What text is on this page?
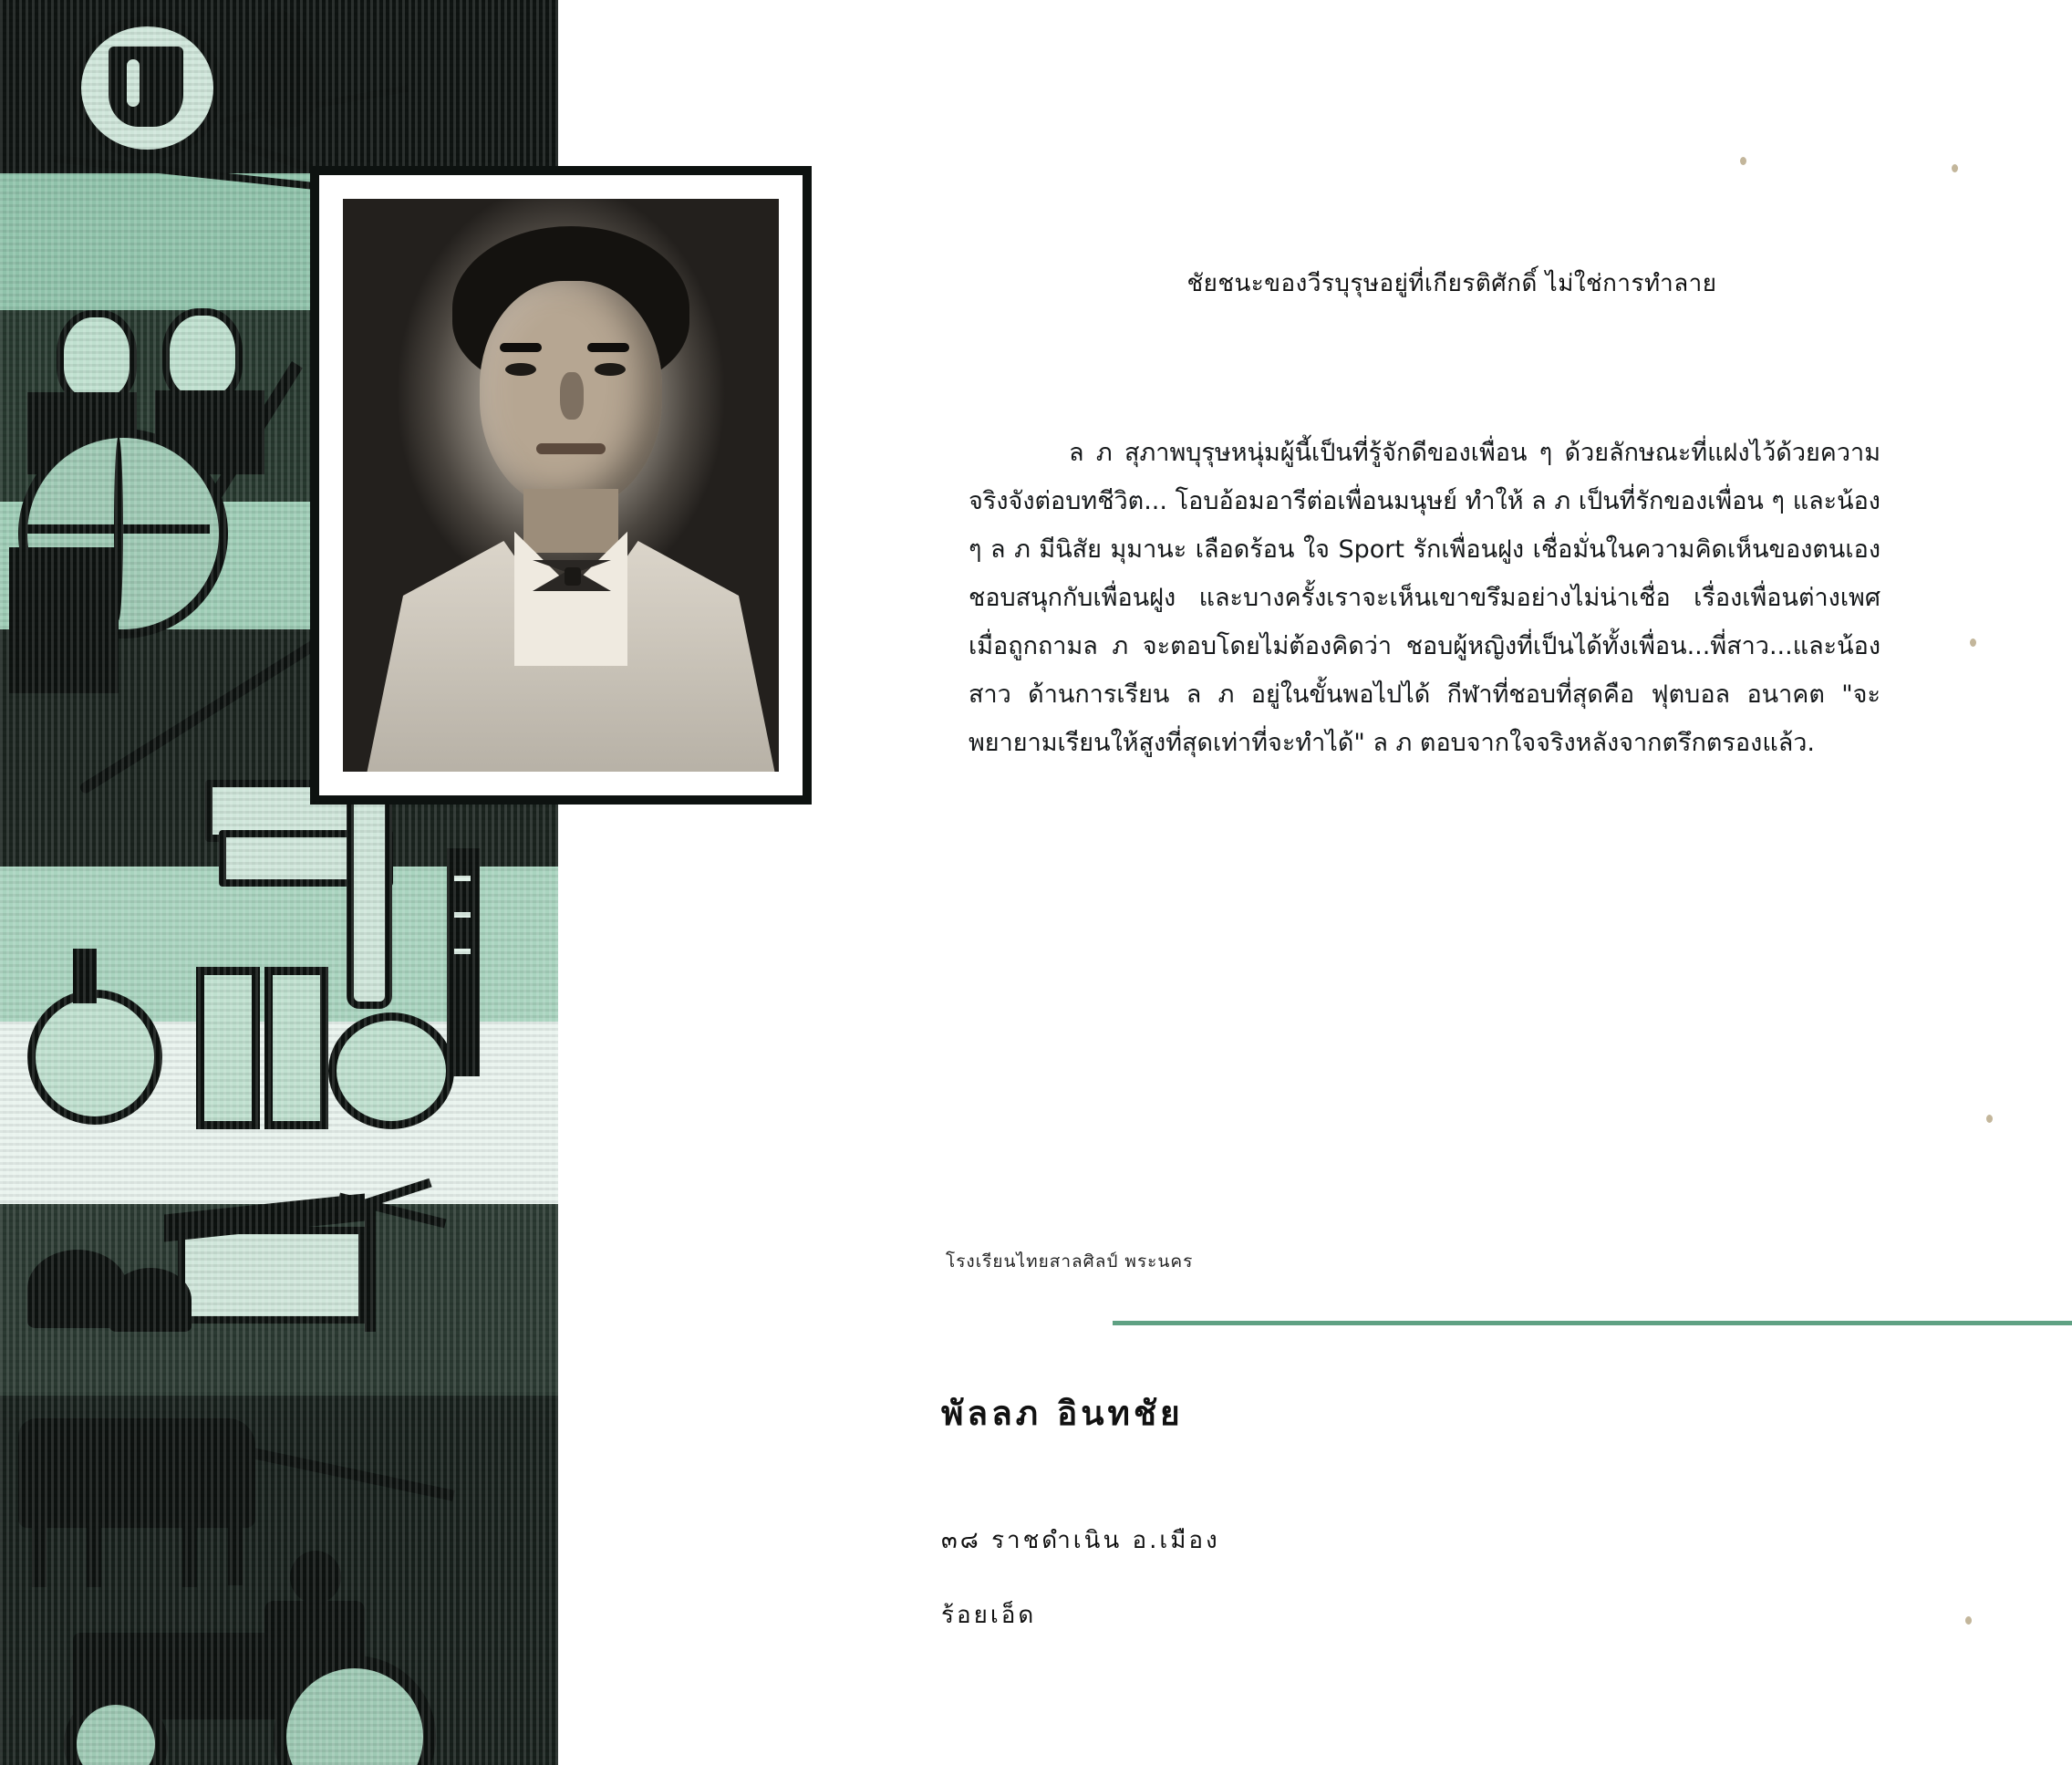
ชัยชนะของวีรบุรุษอยู่ที่เกียรติศักดิ์ ไม่ใช่การทำลาย

ล ภ สุภาพบุรุษหนุ่มผู้นี้เป็นที่รู้จักดีของเพื่อน ๆ ด้วยลักษณะที่แฝงไว้ด้วยความจริงจังต่อบทชีวิต... โอบอ้อมอารีต่อเพื่อนมนุษย์ ทำให้ ล ภ เป็นที่รักของเพื่อน ๆ และน้อง ๆ ล ภ มีนิสัย มุมานะ เลือดร้อน ใจ Sport รักเพื่อนฝูง เชื่อมั่นในความคิดเห็นของตนเอง ชอบสนุกกับเพื่อนฝูง และบางครั้งเราจะเห็นเขาขรึมอย่างไม่น่าเชื่อ เรื่องเพื่อนต่างเพศ เมื่อถูกถามล ภ จะตอบโดยไม่ต้องคิดว่า ชอบผู้หญิงที่เป็นได้ทั้งเพื่อน...พี่สาว...และน้องสาว ด้านการเรียน ล ภ อยู่ในขั้นพอไปได้ กีฬาที่ชอบที่สุดคือ ฟุตบอล อนาคต "จะพยายามเรียนให้สูงที่สุดเท่าที่จะทำได้" ล ภ ตอบจากใจจริงหลังจากตรึกตรองแล้ว.

โรงเรียนไทยสาลศิลป์ พระนคร
พัลลภ อินทชัย
๓๘ ราชดำเนิน อ.เมือง
ร้อยเอ็ด
